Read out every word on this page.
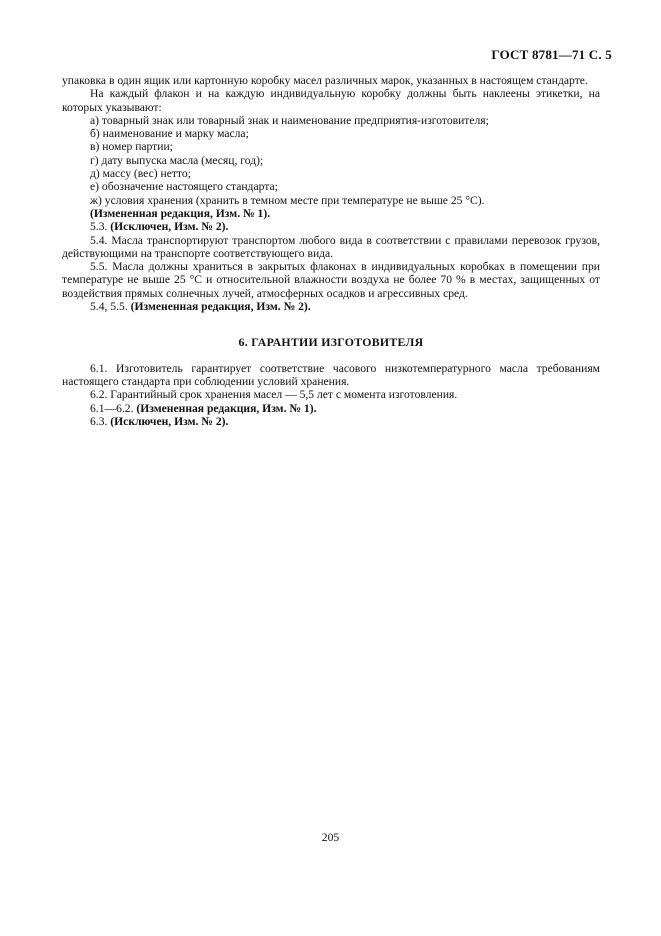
ГОСТ 8781—71 С. 5

упаковка в один ящик или картонную коробку масел различных марок, указанных в настоящем стандарте.

На каждый флакон и на каждую индивидуальную коробку должны быть наклеены этикетки, на которых указывают:

а) товарный знак или товарный знак и наименование предприятия-изготовителя;

б) наименование и марку масла;

в) номер партии;

г) дату выпуска масла (месяц, год);

д) массу (вес) нетто;

е) обозначение настоящего стандарта;

ж) условия хранения (хранить в темном месте при температуре не выше 25 °С).

(Измененная редакция, Изм. № 1).

5.3. (Исключен, Изм. № 2).

5.4. Масла транспортируют транспортом любого вида в соответствии с правилами перевозок грузов, действующими на транспорте соответствующего вида.

5.5. Масла должны храниться в закрытых флаконах в индивидуальных коробках в помещении при температуре не выше 25 °С и относительной влажности воздуха не более 70 % в местах, защищенных от воздействия прямых солнечных лучей, атмосферных осадков и агрессивных сред.

5.4, 5.5. (Измененная редакция, Изм. № 2).

6. ГАРАНТИИ ИЗГОТОВИТЕЛЯ

6.1. Изготовитель гарантирует соответствие часового низкотемпературного масла требованиям настоящего стандарта при соблюдении условий хранения.

6.2. Гарантийный срок хранения масел — 5,5 лет с момента изготовления.

6.1—6.2. (Измененная редакция, Изм. № 1).

6.3. (Исключен, Изм. № 2).

205
